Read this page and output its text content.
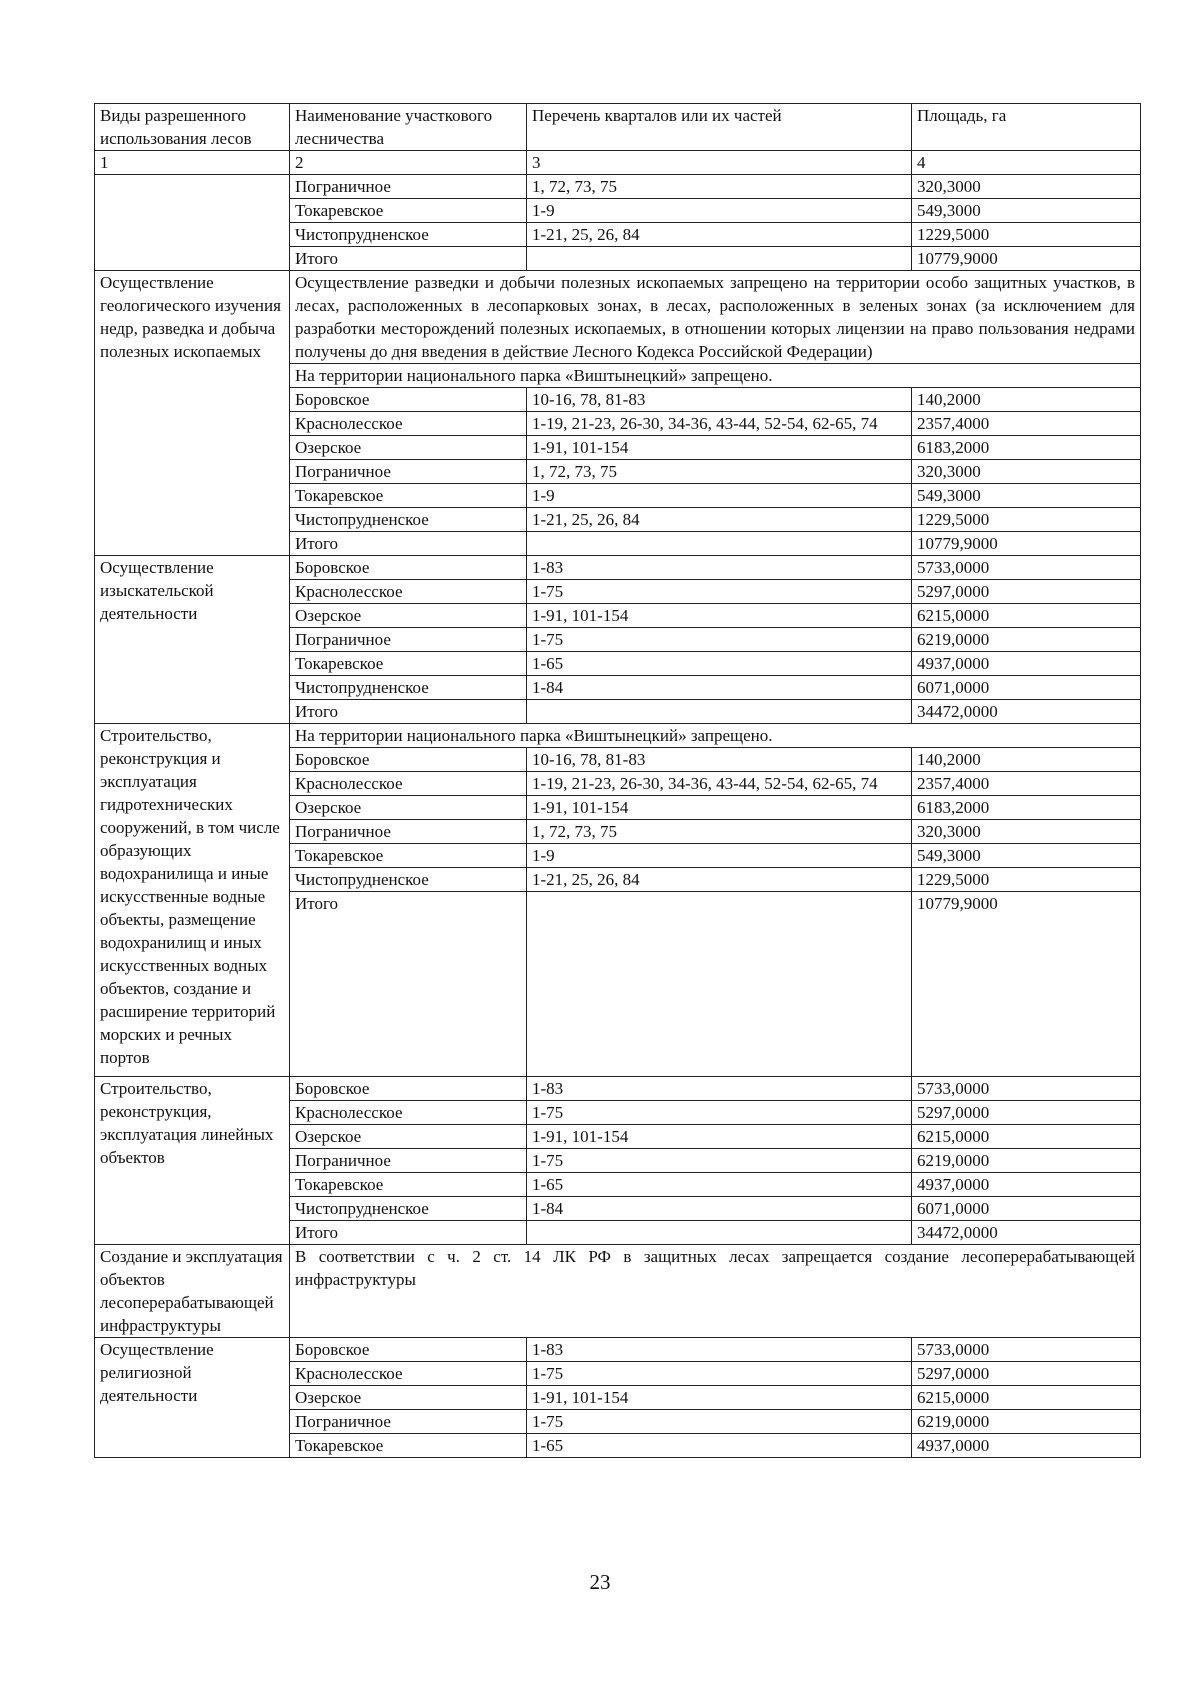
Виды разрешенного использования лесов	Наименование участкового лесничества	Перечень кварталов или их частей	Площадь, га
1	2	3	4
	Пограничное	1, 72, 73, 75	320,3000
	Токаревское	1-9	549,3000
	Чистопрудненское	1-21, 25, 26, 84	1229,5000
	Итого		10779,9000
Осуществление геологического изучения недр, разведка и добыча полезных ископаемых	Осуществление разведки и добычи полезных ископаемых запрещено на территории особо защитных участков, в лесах, расположенных в лесопарковых зонах, в лесах, расположенных в зеленых зонах (за исключением для разработки месторождений полезных ископаемых, в отношении которых лицензии на право пользования недрами получены до дня введения в действие Лесного Кодекса Российской Федерации)		
	На территории национального парка «Виштынецкий» запрещено.		
	Боровское	10-16, 78, 81-83	140,2000
	Краснолесское	1-19, 21-23, 26-30, 34-36, 43-44, 52-54, 62-65, 74	2357,4000
	Озерское	1-91, 101-154	6183,2000
	Пограничное	1, 72, 73, 75	320,3000
	Токаревское	1-9	549,3000
	Чистопрудненское	1-21, 25, 26, 84	1229,5000
	Итого		10779,9000
Осуществление изыскательской деятельности	Боровское	1-83	5733,0000
	Краснолесское	1-75	5297,0000
	Озерское	1-91, 101-154	6215,0000
	Пограничное	1-75	6219,0000
	Токаревское	1-65	4937,0000
	Чистопрудненское	1-84	6071,0000
	Итого		34472,0000
Строительство, реконструкция и эксплуатация гидротехнических сооружений, в том числе образующих водохранилища и иные искусственные водные объекты, размещение водохранилищ и иных искусственных водных объектов, создание и расширение территорий морских и речных портов	На территории национального парка «Виштынецкий» запрещено.		
	Боровское	10-16, 78, 81-83	140,2000
	Краснолесское	1-19, 21-23, 26-30, 34-36, 43-44, 52-54, 62-65, 74	2357,4000
	Озерское	1-91, 101-154	6183,2000
	Пограничное	1, 72, 73, 75	320,3000
	Токаревское	1-9	549,3000
	Чистопрудненское	1-21, 25, 26, 84	1229,5000
	Итого		10779,9000
Строительство, реконструкция, эксплуатация линейных объектов	Боровское	1-83	5733,0000
	Краснолесское	1-75	5297,0000
	Озерское	1-91, 101-154	6215,0000
	Пограничное	1-75	6219,0000
	Токаревское	1-65	4937,0000
	Чистопрудненское	1-84	6071,0000
	Итого		34472,0000
Создание и эксплуатация объектов лесоперерабатывающей инфраструктуры	В соответствии с ч. 2 ст. 14 ЛК РФ в защитных лесах запрещается создание лесоперерабатывающей инфраструктуры		
Осуществление религиозной деятельности	Боровское	1-83	5733,0000
	Краснолесское	1-75	5297,0000
	Озерское	1-91, 101-154	6215,0000
	Пограничное	1-75	6219,0000
	Токаревское	1-65	4937,0000
23
